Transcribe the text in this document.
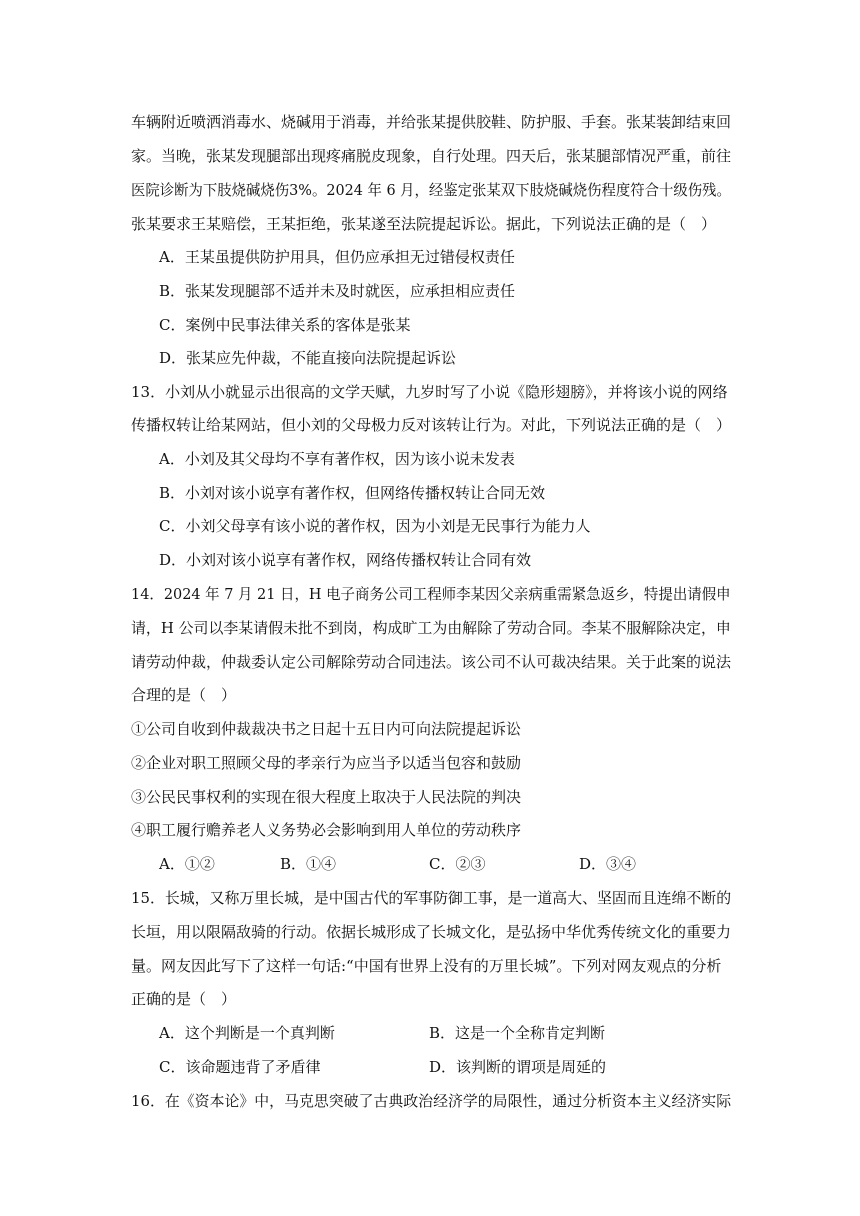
车辆附近喷洒消毒水、烧碱用于消毒，并给张某提供胶鞋、防护服、手套。张某装卸结束回
家。当晚，张某发现腿部出现疼痛脱皮现象，自行处理。四天后，张某腿部情况严重，前往
医院诊断为下肢烧碱烧伤3%。2024 年 6 月，经鉴定张某双下肢烧碱烧伤程度符合十级伤残。
张某要求王某赔偿，王某拒绝，张某遂至法院提起诉讼。据此，下列说法正确的是（　）
A．王某虽提供防护用具，但仍应承担无过错侵权责任
B．张某发现腿部不适并未及时就医，应承担相应责任
C．案例中民事法律关系的客体是张某
D．张某应先仲裁，不能直接向法院提起诉讼
13．小刘从小就显示出很高的文学天赋，九岁时写了小说《隐形翅膀》，并将该小说的网络
传播权转让给某网站，但小刘的父母极力反对该转让行为。对此，下列说法正确的是（　）
A．小刘及其父母均不享有著作权，因为该小说未发表
B．小刘对该小说享有著作权，但网络传播权转让合同无效
C．小刘父母享有该小说的著作权，因为小刘是无民事行为能力人
D．小刘对该小说享有著作权，网络传播权转让合同有效
14．2024 年 7 月 21 日，H 电子商务公司工程师李某因父亲病重需紧急返乡，特提出请假申
请，H 公司以李某请假未批不到岗，构成旷工为由解除了劳动合同。李某不服解除决定，申
请劳动仲裁，仲裁委认定公司解除劳动合同违法。该公司不认可裁决结果。关于此案的说法
合理的是（　）
①公司自收到仲裁裁决书之日起十五日内可向法院提起诉讼
②企业对职工照顾父母的孝亲行为应当予以适当包容和鼓励
③公民民事权利的实现在很大程度上取决于人民法院的判决
④职工履行赡养老人义务势必会影响到用人单位的劳动秩序
A．①②	B．①④	C．②③	D．③④
15．长城，又称万里长城，是中国古代的军事防御工事，是一道高大、坚固而且连绵不断的
长垣，用以限隔敌骑的行动。依据长城形成了长城文化，是弘扬中华优秀传统文化的重要力
量。网友因此写下了这样一句话:“中国有世界上没有的万里长城”。下列对网友观点的分析
正确的是（　）
A．这个判断是一个真判断	B．这是一个全称肯定判断
C．该命题违背了矛盾律	D．该判断的谓项是周延的
16．在《资本论》中，马克思突破了古典政治经济学的局限性，通过分析资本主义经济实际
